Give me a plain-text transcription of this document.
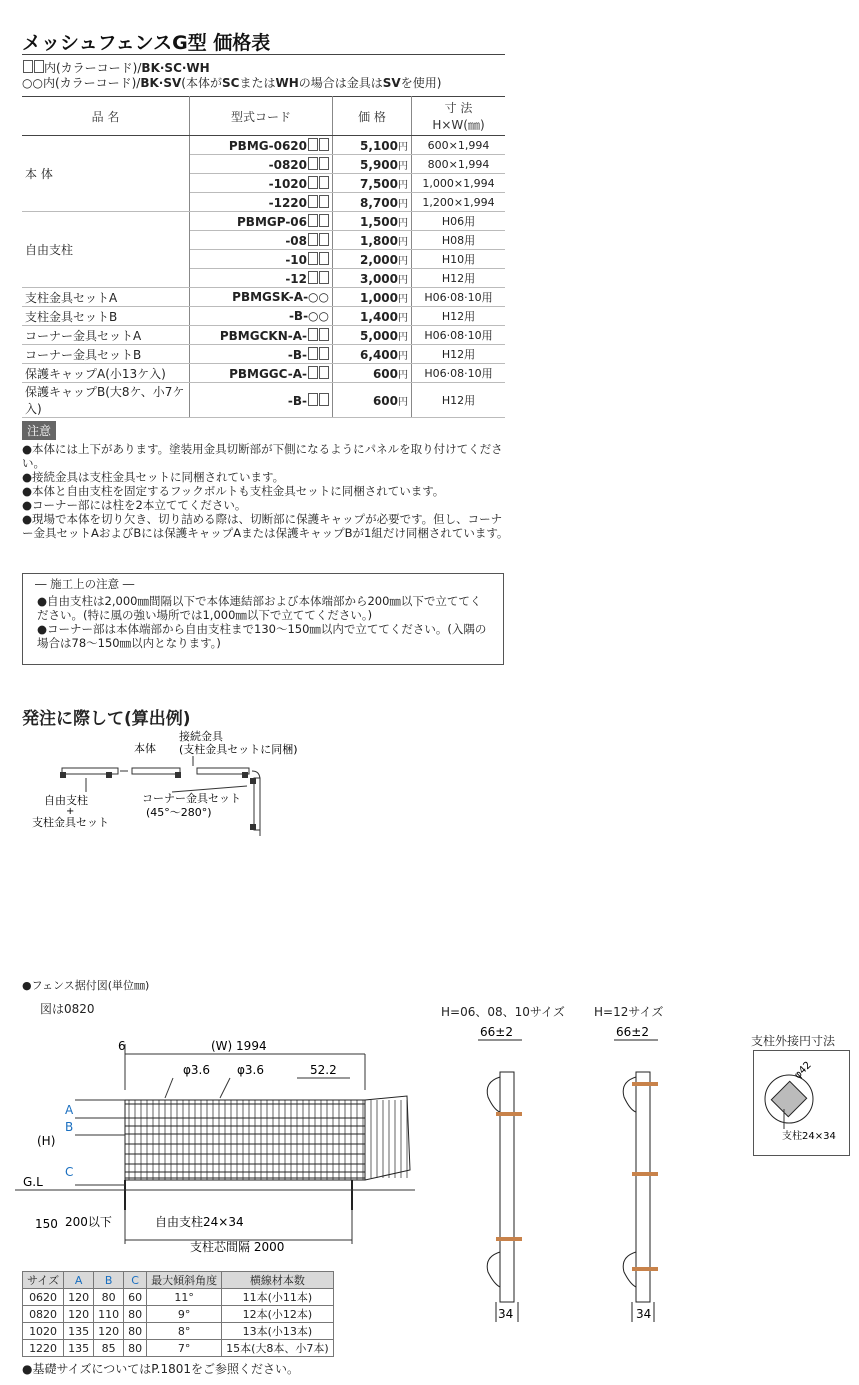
メッシュフェンスG型 価格表
内(カラーコード)/BK·SC·WH
○○内(カラーコード)/BK·SV(本体がSCまたはWHの場合は金具はSVを使用)
品 名	型式コード	価 格	寸 法
H×W(㎜)
本 体	PBMG-0620	5,100円	600×1,994
	-0820	5,900円	800×1,994
	-1020	7,500円	1,000×1,994
	-1220	8,700円	1,200×1,994
自由支柱	PBMGP-06	1,500円	H06用
	-08	1,800円	H08用
	-10	2,000円	H10用
	-12	3,000円	H12用
支柱金具セットA	PBMGSK-A-○○	1,000円	H06·08·10用
支柱金具セットB	-B-○○	1,400円	H12用
コーナー金具セットA	PBMGCKN-A-	5,000円	H06·08·10用
コーナー金具セットB	-B-	6,400円	H12用
保護キャップA(小13ケ入)	PBMGGC-A-	600円	H06·08·10用
保護キャップB(大8ケ、小7ケ入)	-B-	600円	H12用
注意
●本体には上下があります。塗装用金具切断部が下側になるようにパネルを取り付けてください。
●接続金具は支柱金具セットに同梱されています。
●本体と自由支柱を固定するフックボルトも支柱金具セットに同梱されています。
●コーナー部には柱を2本立ててください。
●現場で本体を切り欠き、切り詰める際は、切断部に保護キャップが必要です。但し、コーナー金具セットAおよびBには保護キャップAまたは保護キャップBが1組だけ同梱されています。
― 施工上の注意 ―
●自由支柱は2,000㎜間隔以下で本体連結部および本体端部から200㎜以下で立ててください。(特に風の強い場所では1,000㎜以下で立ててください。)
●コーナー部は本体端部から自由支柱まで130〜150㎜以内で立ててください。(入隅の場合は78〜150㎜以内となります。)
発注に際して(算出例)
本体
接続金具
(支柱金具セットに同梱)
自由支柱
+
支柱金具セット
コーナー金具セット
(45°〜280°)
●フェンス据付図(単位㎜)
図は0820
6	(W) 1994
φ3.6 φ3.6	52.2
A
B
C
(H)
G.L
150 200以下	自由支柱24×34
支柱芯間隔 2000
H=06、08、10サイズ H=12サイズ
66±2	66±2
34	34
支柱外接円寸法
φ42
支柱24×34
サイズ	A	B	C	最大傾斜角度	横線材本数
0620	120	80	60	11°	11本(小11本)
0820	120	110	80	9°	12本(小12本)
1020	135	120	80	8°	13本(小13本)
1220	135	85	80	7°	15本(大8本、小7本)
●基礎サイズについてはP.1801をご参照ください。
